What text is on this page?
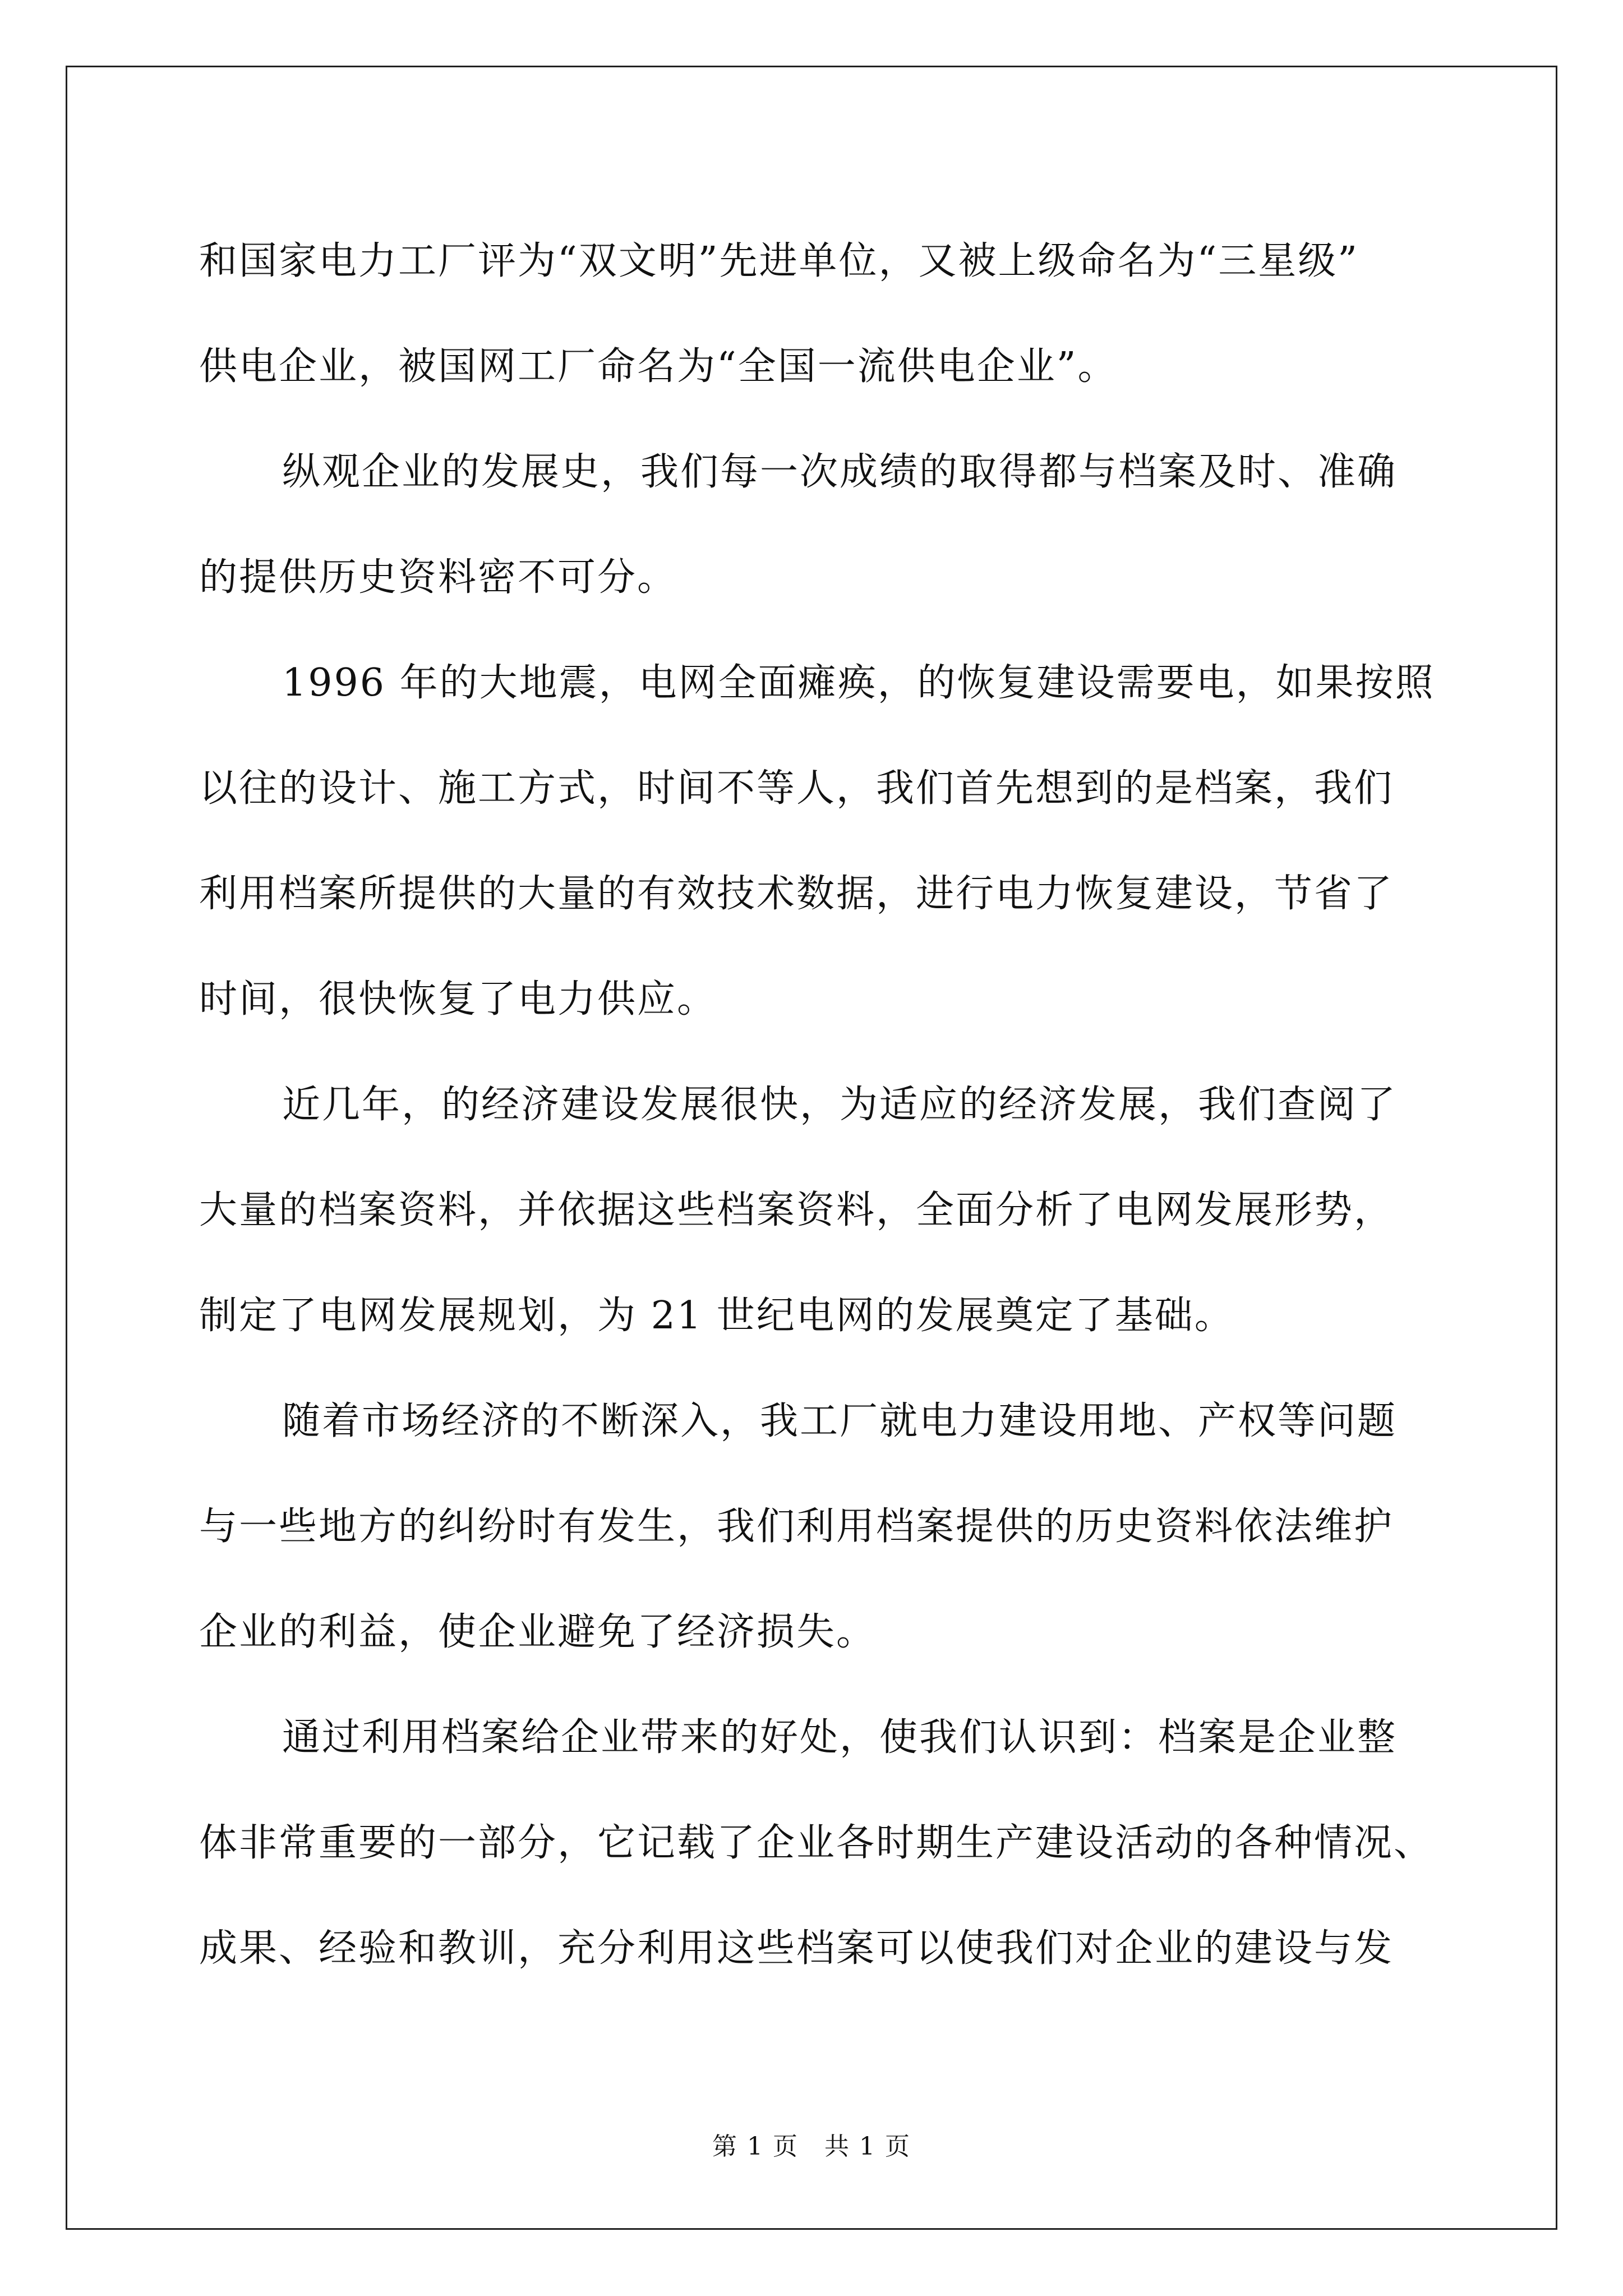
和国家电力工厂评为“双文明”先进单位，又被上级命名为“三星级”
供电企业，被国网工厂命名为“全国一流供电企业”。
纵观企业的发展史，我们每一次成绩的取得都与档案及时、准确
的提供历史资料密不可分。
1996 年的大地震，电网全面瘫痪，的恢复建设需要电，如果按照
以往的设计、施工方式，时间不等人，我们首先想到的是档案，我们
利用档案所提供的大量的有效技术数据，进行电力恢复建设，节省了
时间，很快恢复了电力供应。
近几年，的经济建设发展很快，为适应的经济发展，我们查阅了
大量的档案资料，并依据这些档案资料，全面分析了电网发展形势，
制定了电网发展规划，为 21 世纪电网的发展奠定了基础。
随着市场经济的不断深入，我工厂就电力建设用地、产权等问题
与一些地方的纠纷时有发生，我们利用档案提供的历史资料依法维护
企业的利益，使企业避免了经济损失。
通过利用档案给企业带来的好处，使我们认识到：档案是企业整
体非常重要的一部分，它记载了企业各时期生产建设活动的各种情况、
成果、经验和教训，充分利用这些档案可以使我们对企业的建设与发
第 1 页　共 1 页
